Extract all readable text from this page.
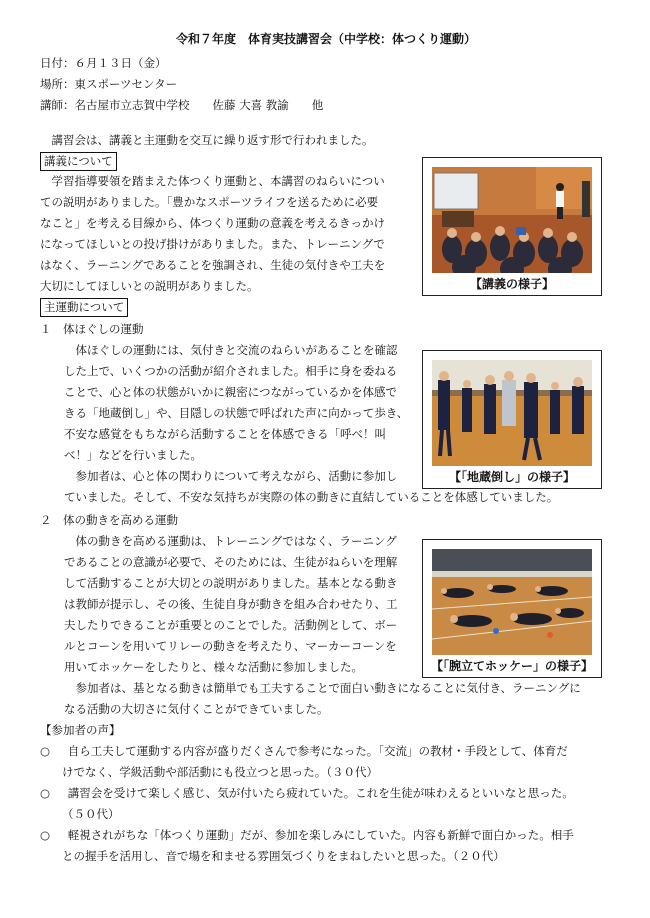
令和７年度　体育実技講習会（中学校：体つくり運動）
日付：６月１３日（金）
場所：東スポーツセンター
講師：名古屋市立志賀中学校　　佐藤 大喜 教諭　　他
講習会は、講義と主運動を交互に繰り返す形で行われました。
講義について
学習指導要領を踏まえた体つくり運動と、本講習のねらいについ
ての説明がありました。「豊かなスポーツライフを送るために必要
なこと」を考える目線から、体つくり運動の意義を考えるきっかけ
になってほしいとの投げ掛けがありました。また、トレーニングで
はなく、ラーニングであることを強調され、生徒の気付きや工夫を
大切にしてほしいとの説明がありました。
主運動について
１　体ほぐしの運動
体ほぐしの運動には、気付きと交流のねらいがあることを確認
した上で、いくつかの活動が紹介されました。相手に身を委ねる
ことで、心と体の状態がいかに親密につながっているかを体感で
きる「地蔵倒し」や、目隠しの状態で呼ばれた声に向かって歩き、
不安な感覚をもちながら活動することを体感できる「呼べ！叫
べ！」などを行いました。
参加者は、心と体の関わりについて考えながら、活動に参加し
ていました。そして、不安な気持ちが実際の体の動きに直結していることを体感していました。
２　体の動きを高める運動
体の動きを高める運動は、トレーニングではなく、ラーニング
であることの意識が必要で、そのためには、生徒がねらいを理解
して活動することが大切との説明がありました。基本となる動き
は教師が提示し、その後、生徒自身が動きを組み合わせたり、工
夫したりできることが重要とのことでした。活動例として、ボー
ルとコーンを用いてリレーの動きを考えたり、マーカーコーンを
用いてホッケーをしたりと、様々な活動に参加しました。
参加者は、基となる動きは簡単でも工夫することで面白い動きになることに気付き、ラーニングに
なる活動の大切さに気付くことができていました。
【参加者の声】
○	自ら工夫して運動する内容が盛りだくさんで参考になった。「交流」の教材・手段として、体育だ
けでなく、学級活動や部活動にも役立つと思った。（３０代）
○	講習会を受けて楽しく感じ、気が付いたら疲れていた。これを生徒が味わえるといいなと思った。
（５０代）
○	軽視されがちな「体つくり運動」だが、参加を楽しみにしていた。内容も新鮮で面白かった。相手
との握手を活用し、音で場を和ませる雰囲気づくりをまねしたいと思った。（２０代）
【講義の様子】
【「地蔵倒し」の様子】
【「腕立てホッケー」の様子】
